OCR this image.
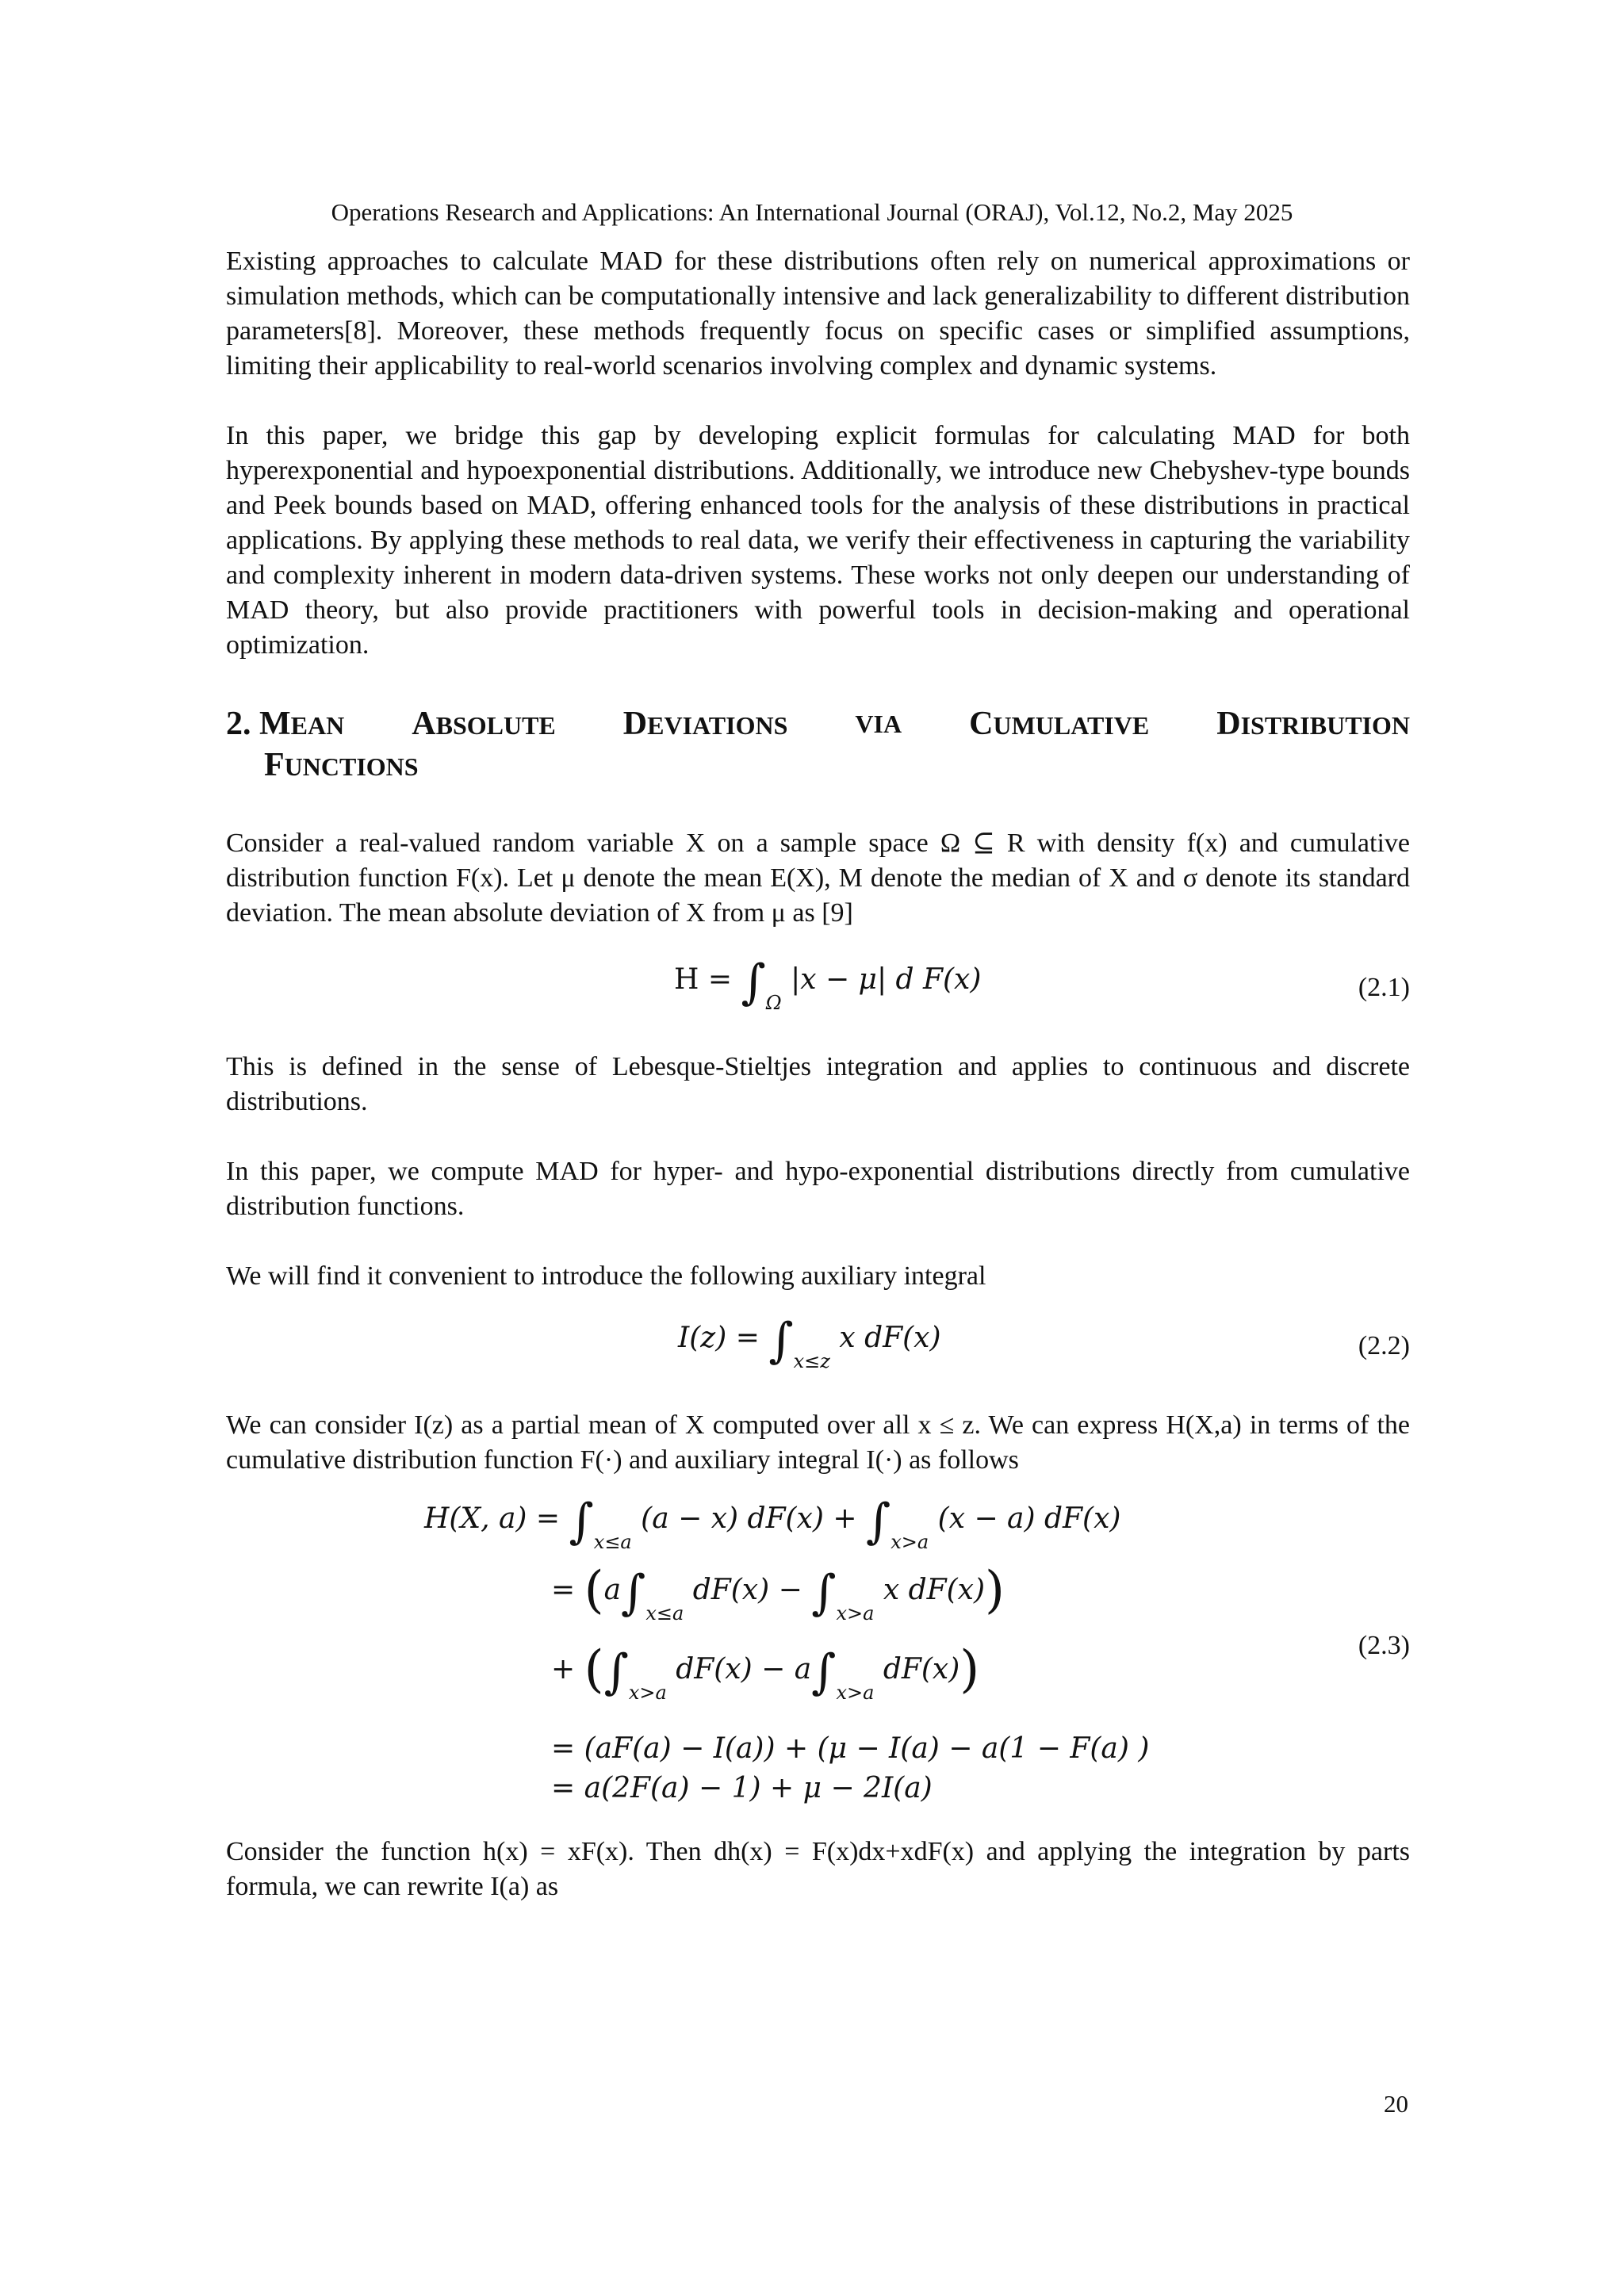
Operations Research and Applications: An International Journal (ORAJ), Vol.12, No.2, May 2025

Existing approaches to calculate MAD for these distributions often rely on numerical approximations or simulation methods, which can be computationally intensive and lack generalizability to different distribution parameters[8]. Moreover, these methods frequently focus on specific cases or simplified assumptions, limiting their applicability to real-world scenarios involving complex and dynamic systems.

In this paper, we bridge this gap by developing explicit formulas for calculating MAD for both hyperexponential and hypoexponential distributions. Additionally, we introduce new Chebyshev-type bounds and Peek bounds based on MAD, offering enhanced tools for the analysis of these distributions in practical applications. By applying these methods to real data, we verify their effectiveness in capturing the variability and complexity inherent in modern data-driven systems. These works not only deepen our understanding of MAD theory, but also provide practitioners with powerful tools in decision-making and operational optimization.

2. MEAN ABSOLUTE DEVIATIONS	VIA CUMULATIVE DISTRIBUTION
FUNCTIONS

Consider a real-valued random variable X on a sample space Ω ⊆ R with density f(x) and cumulative distribution function F(x). Let μ denote the mean E(X), M denote the median of X and σ denote its standard deviation. The mean absolute deviation of X from μ as [9]

$H = \int_\Omega$ |x − μ| d F(x)	(2.1)

This is defined in the sense of Lebesque-Stieltjes integration and applies to continuous and discrete distributions.

In this paper, we compute MAD for hyper- and hypo-exponential distributions directly from cumulative distribution functions.

We will find it convenient to introduce the following auxiliary integral

$I(z) = \int_{x\le z}$ x dF(x)	(2.2)

We can consider I(z) as a partial mean of X computed over all x ≤ z. We can express H(X,a) in terms of the cumulative distribution function F(·) and auxiliary integral I(·) as follows

H(X, $a) = \int_{x\le a}$ (a − x) $dF(x) + \int_{x>a}$ (x − a) dF(x)
= ($a\int_{x\le a}$ $dF(x) - \int_{x>a}$ x dF(x))
+ ($\int_{x>a}$ $dF(x) - a\int_{x>a}$ dF(x))
= (aF(a) − I(a)) + (μ − I(a) − a(1 − F(a) )
= a(2F(a) − 1) + μ − 2I(a)
(2.3)

Consider the function h(x) = xF(x). Then dh(x) = F(x)dx+xdF(x) and applying the integration by parts formula, we can rewrite I(a) as

20
